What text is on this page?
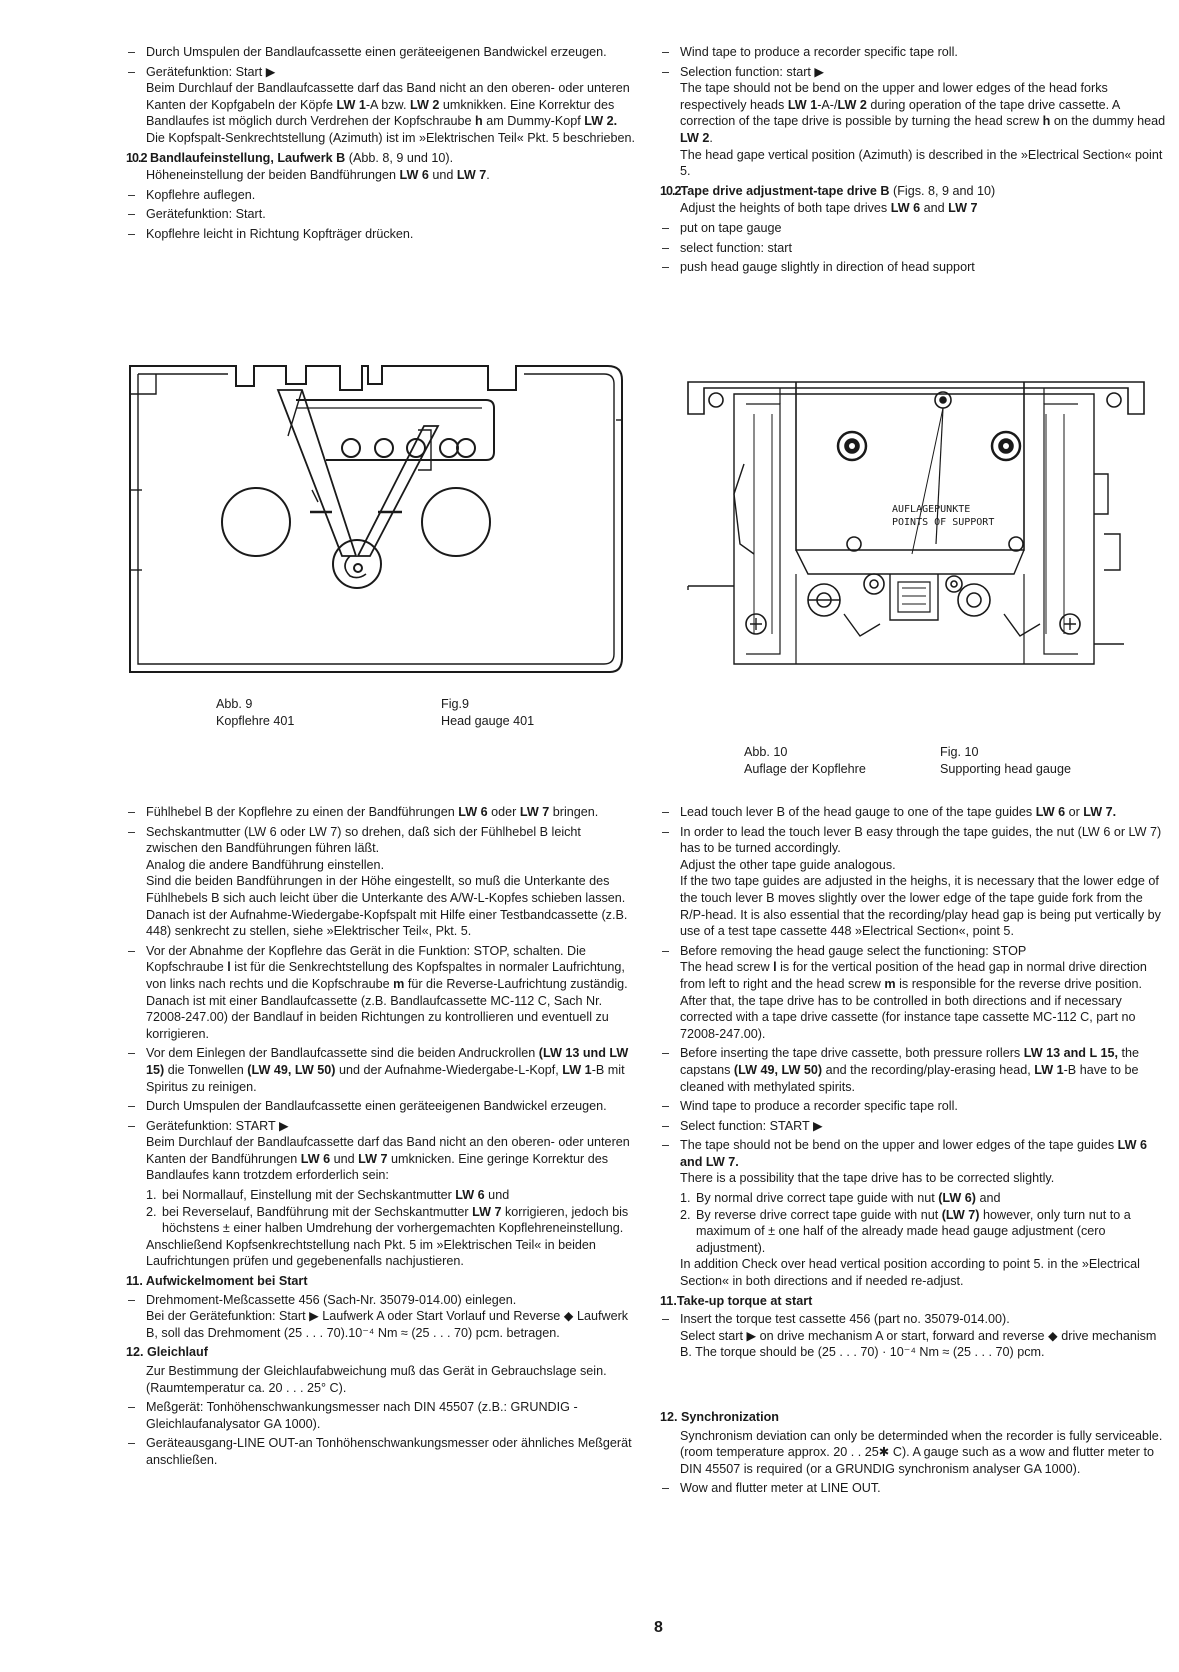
– Durch Umspulen der Bandlaufcassette einen geräteeigenen Bandwickel erzeugen.
– Gerätefunktion: Start ▶
Beim Durchlauf der Bandlaufcassette darf das Band nicht an den oberen- oder unteren Kanten der Kopfgabeln der Köpfe LW 1-A bzw. LW 2 umknikken. Eine Korrektur des Bandlaufes ist möglich durch Verdrehen der Kopfschraube h am Dummy-Kopf LW 2.
Die Kopfspalt-Senkrechtstellung (Azimuth) ist im »Elektrischen Teil« Pkt. 5 beschrieben.
10.2 Bandlaufeinstellung, Laufwerk B (Abb. 8, 9 und 10).
Höheneinstellung der beiden Bandführungen LW 6 und LW 7.
– Kopflehre auflegen.
– Gerätefunktion: Start.
– Kopflehre leicht in Richtung Kopfträger drücken.
– Wind tape to produce a recorder specific tape roll.
– Selection function: start ▶
The tape should not be bend on the upper and lower edges of the head forks respectively heads LW 1-A-/LW 2 during operation of the tape drive cassette. A correction of the tape drive is possible by turning the head screw h on the dummy head LW 2.
The head gape vertical position (Azimuth) is described in the »Electrical Section« point 5.
10.2Tape drive adjustment-tape drive B (Figs. 8, 9 and 10)
Adjust the heights of both tape drives LW 6 and LW 7
– put on tape gauge
– select function: start
– push head gauge slightly in direction of head support
Abb. 9
Kopflehre 401
Fig.9
Head gauge 401
AUFLAGEPUNKTE
POINTS OF SUPPORT
Abb. 10
Auflage der Kopflehre
Fig. 10
Supporting head gauge
– Fühlhebel B der Kopflehre zu einen der Bandführungen LW 6 oder LW 7 bringen.
– Sechskantmutter (LW 6 oder LW 7) so drehen, daß sich der Fühlhebel B leicht zwischen den Bandführungen führen läßt.
Analog die andere Bandführung einstellen.
Sind die beiden Bandführungen in der Höhe eingestellt, so muß die Unterkante des Fühlhebels B sich auch leicht über die Unterkante des A/W-L-Kopfes schieben lassen. Danach ist der Aufnahme-Wiedergabe-Kopfspalt mit Hilfe einer Testbandcassette (z.B. 448) senkrecht zu stellen, siehe »Elektrischer Teil«, Pkt. 5.
– Vor der Abnahme der Kopflehre das Gerät in die Funktion: STOP, schalten. Die Kopfschraube l ist für die Senkrechtstellung des Kopfspaltes in normaler Laufrichtung, von links nach rechts und die Kopfschraube m für die Reverse-Laufrichtung zuständig. Danach ist mit einer Bandlaufcassette (z.B. Bandlaufcassette MC-112 C, Sach Nr. 72008-247.00) der Bandlauf in beiden Richtungen zu kontrollieren und eventuell zu korrigieren.
– Vor dem Einlegen der Bandlaufcassette sind die beiden Andruckrollen (LW 13 und LW 15) die Tonwellen (LW 49, LW 50) und der Aufnahme-Wiedergabe-L-Kopf, LW 1-B mit Spiritus zu reinigen.
– Durch Umspulen der Bandlaufcassette einen geräteeigenen Bandwickel erzeugen.
– Gerätefunktion: START ▶
Beim Durchlauf der Bandlaufcassette darf das Band nicht an den oberen- oder unteren Kanten der Bandführungen LW 6 und LW 7 umknicken. Eine geringe Korrektur des Bandlaufes kann trotzdem erforderlich sein:
1. bei Normallauf, Einstellung mit der Sechskantmutter LW 6 und
2. bei Reverselauf, Bandführung mit der Sechskantmutter LW 7 korrigieren, jedoch bis höchstens ± einer halben Umdrehung der vorhergemachten Kopflehreneinstellung.
Anschließend Kopfsenkrechtstellung nach Pkt. 5 im »Elektrischen Teil« in beiden Laufrichtungen prüfen und gegebenenfalls nachjustieren.
11. Aufwickelmoment bei Start
– Drehmoment-Meßcassette 456 (Sach-Nr. 35079-014.00) einlegen.
Bei der Gerätefunktion: Start ▶ Laufwerk A oder Start Vorlauf und Reverse ◆ Laufwerk B, soll das Drehmoment (25 . . . 70).10⁻⁴ Nm ≈ (25 . . . 70) pcm. betragen.
12. Gleichlauf
Zur Bestimmung der Gleichlaufabweichung muß das Gerät in Gebrauchslage sein. (Raumtemperatur ca. 20 . . . 25° C).
– Meßgerät: Tonhöhenschwankungsmesser nach DIN 45507 (z.B.: GRUNDIG - Gleichlaufanalysator GA 1000).
– Geräteausgang-LINE OUT-an Tonhöhenschwankungsmesser oder ähnliches Meßgerät anschließen.
– Lead touch lever B of the head gauge to one of the tape guides LW 6 or LW 7.
– In order to lead the touch lever B easy through the tape guides, the nut (LW 6 or LW 7) has to be turned accordingly.
Adjust the other tape guide analogous.
If the two tape guides are adjusted in the heighs, it is necessary that the lower edge of the touch lever B moves slightly over the lower edge of the tape guide fork from the R/P-head. It is also essential that the recording/play head gap is being put vertically by use of a test tape cassette 448 »Electrical Section«, point 5.
– Before removing the head gauge select the functioning: STOP
The head screw l is for the vertical position of the head gap in normal drive direction from left to right and the head screw m is responsible for the reverse drive position. After that, the tape drive has to be controlled in both directions and if necessary corrected with a tape drive cassette (for instance tape cassette MC-112 C, part no 72008-247.00).
– Before inserting the tape drive cassette, both pressure rollers LW 13 and L 15, the capstans (LW 49, LW 50) and the recording/play-erasing head, LW 1-B have to be cleaned with methylated spirits.
– Wind tape to produce a recorder specific tape roll.
– Select function: START ▶
– The tape should not be bend on the upper and lower edges of the tape guides LW 6 and LW 7.
There is a possibility that the tape drive has to be corrected slightly.
1. By normal drive correct tape guide with nut (LW 6) and
2. By reverse drive correct tape guide with nut (LW 7) however, only turn nut to a maximum of ± one half of the already made head gauge adjustment (cero adjustment).
In addition Check over head vertical position according to point 5. in the »Electrical Section« in both directions and if needed re-adjust.
11.Take-up torque at start
– Insert the torque test cassette 456 (part no. 35079-014.00).
Select start ▶ on drive mechanism A or start, forward and reverse ◆ drive mechanism B. The torque should be (25 . . . 70) · 10⁻⁴ Nm ≈ (25 . . . 70) pcm.
12. Synchronization
Synchronism deviation can only be determinded when the recorder is fully serviceable. (room temperature approx. 20 . . 25✱ C). A gauge such as a wow and flutter meter to DIN 45507 is required (or a GRUNDIG synchronism analyser GA 1000).
– Wow and flutter meter at LINE OUT.
8
